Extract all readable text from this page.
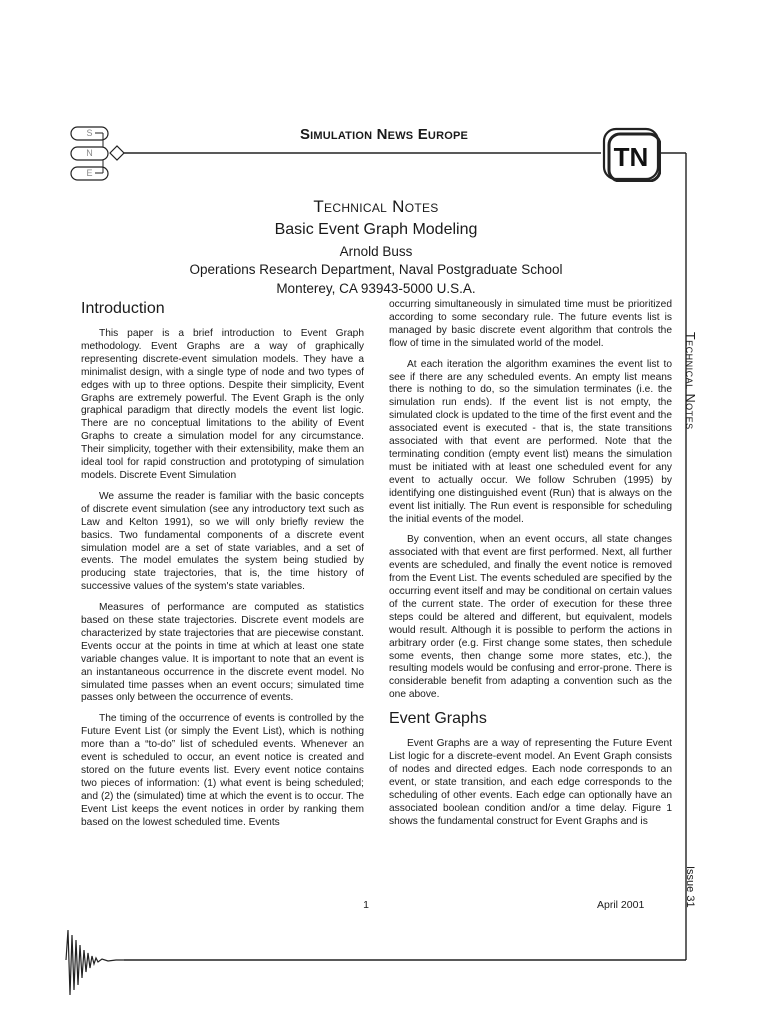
S
N
E
Simulation News Europe
TN
Technical Notes
Basic Event Graph Modeling
Arnold Buss
Operations Research Department, Naval Postgraduate School
Monterey, CA 93943-5000 U.S.A.
Introduction

This paper is a brief introduction to Event Graph methodology. Event Graphs are a way of graphically representing discrete-event simulation models. They have a minimalist design, with a single type of node and two types of edges with up to three options. Despite their simplicity, Event Graphs are extremely powerful. The Event Graph is the only graphical paradigm that directly models the event list logic. There are no conceptual limitations to the ability of Event Graphs to create a simulation model for any circumstance. Their simplicity, together with their extensibility, make them an ideal tool for rapid construction and prototyping of simulation models. Discrete Event Simulation

We assume the reader is familiar with the basic concepts of discrete event simulation (see any introductory text such as Law and Kelton 1991), so we will only briefly review the basics. Two fundamental components of a discrete event simulation model are a set of state variables, and a set of events. The model emulates the system being studied by producing state trajectories, that is, the time history of successive values of the system's state variables.

Measures of performance are computed as statistics based on these state trajectories. Discrete event models are characterized by state trajectories that are piecewise constant. Events occur at the points in time at which at least one state variable changes value. It is important to note that an event is an instantaneous occurrence in the discrete event model. No simulated time passes when an event occurs; simulated time passes only between the occurrence of events.

The timing of the occurrence of events is controlled by the Future Event List (or simply the Event List), which is nothing more than a “to-do” list of scheduled events. Whenever an event is scheduled to occur, an event notice is created and stored on the future events list. Every event notice contains two pieces of information: (1) what event is being scheduled; and (2) the (simulated) time at which the event is to occur. The Event List keeps the event notices in order by ranking them based on the lowest scheduled time. Events

occurring simultaneously in simulated time must be prioritized according to some secondary rule. The future events list is managed by basic discrete event algorithm that controls the flow of time in the simulated world of the model.

At each iteration the algorithm examines the event list to see if there are any scheduled events. An empty list means there is nothing to do, so the simulation terminates (i.e. the simulation run ends). If the event list is not empty, the simulated clock is updated to the time of the first event and the associated event is executed - that is, the state transitions associated with that event are performed. Note that the terminating condition (empty event list) means the simulation must be initiated with at least one scheduled event for any event to actually occur. We follow Schruben (1995) by identifying one distinguished event (Run) that is always on the event list initially. The Run event is responsible for scheduling the initial events of the model.

By convention, when an event occurs, all state changes associated with that event are first performed. Next, all further events are scheduled, and finally the event notice is removed from the Event List. The events scheduled are specified by the occurring event itself and may be conditional on certain values of the current state. The order of execution for these three steps could be altered and different, but equivalent, models would result. Although it is possible to perform the actions in arbitrary order (e.g. First change some states, then schedule some events, then change some more states, etc.), the resulting models would be confusing and error-prone. There is considerable benefit from adapting a convention such as the one above.

Event Graphs

Event Graphs are a way of representing the Future Event List logic for a discrete-event model. An Event Graph consists of nodes and directed edges. Each node corresponds to an event, or state transition, and each edge corresponds to the scheduling of other events. Each edge can optionally have an associated boolean condition and/or a time delay. Figure 1 shows the fundamental construct for Event Graphs and is

Technical Notes
Issue 31
1	April 2001
